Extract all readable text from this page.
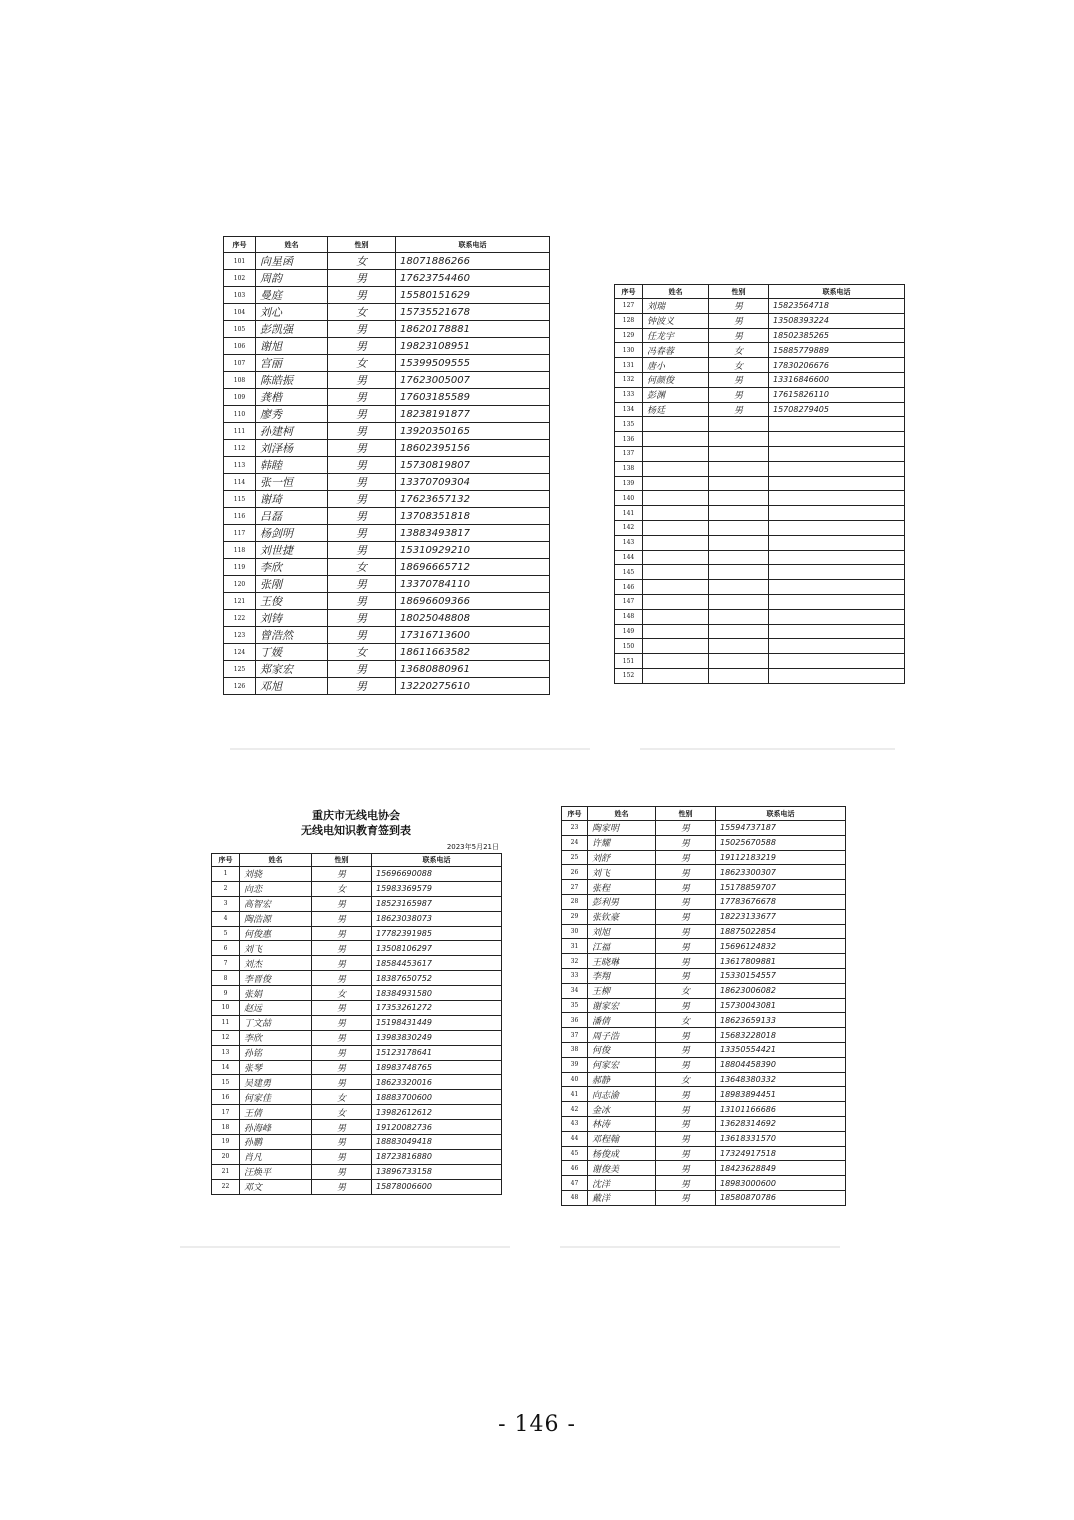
序号	姓名	性别	联系电话
101	向星函	女	18071886266
102	周韵	男	17623754460
103	曼庭	男	15580151629
104	刘心	女	15735521678
105	彭凯强	男	18620178881
106	谢旭	男	19823108951
107	宫丽	女	15399509555
108	陈皓振	男	17623005007
109	龚楷	男	17603185589
110	廖秀	男	18238191877
111	孙建柯	男	13920350165
112	刘泽杨	男	18602395156
113	韩睦	男	15730819807
114	张一恒	男	13370709304
115	谢琦	男	17623657132
116	吕磊	男	13708351818
117	杨剑明	男	13883493817
118	刘世捷	男	15310929210
119	李欣	女	18696665712
120	张刚	男	13370784110
121	王俊	男	18696609366
122	刘铸	男	18025048808
123	曾浩然	男	17316713600
124	丁媛	女	18611663582
125	郑家宏	男	13680880961
126	邓旭	男	13220275610
序号	姓名	性别	联系电话
127	刘瑞	男	15823564718
128	钟波义	男	13508393224
129	任龙宇	男	18502385265
130	冯春蓉	女	15885779889
131	唐小	女	17830206676
132	何颜俊	男	13316846600
133	彭渊	男	17615826110
134	杨廷	男	15708279405
135			
136			
137			
138			
139			
140			
141			
142			
143			
144			
145			
146			
147			
148			
149			
150			
151			
152			
重庆市无线电协会
无线电知识教育签到表
2023年5月21日
序号	姓名	性别	联系电话
1	刘骁	男	15696690088
2	向恋	女	15983369579
3	高智宏	男	18523165987
4	陶浩源	男	18623038073
5	何俊惠	男	17782391985
6	刘飞	男	13508106297
7	刘杰	男	18584453617
8	李晋俊	男	18387650752
9	张娟	女	18384931580
10	赵远	男	17353261272
11	丁文喆	男	15198431449
12	李欣	男	13983830249
13	孙铭	男	15123178641
14	张琴	男	18983748765
15	吴建勇	男	18623320016
16	何家佳	女	18883700600
17	王倩	女	13982612612
18	孙海峰	男	19120082736
19	孙鹏	男	18883049418
20	肖凡	男	18723816880
21	汪焕平	男	13896733158
22	邓文	男	15878006600
序号	姓名	性别	联系电话
23	陶家明	男	15594737187
24	许耀	男	15025670588
25	刘舒	男	19112183219
26	刘飞	男	18623300307
27	张程	男	15178859707
28	彭利男	男	17783676678
29	张钦豪	男	18223133677
30	刘旭	男	18875022854
31	江福	男	15696124832
32	王晓琳	男	13617809881
33	李翔	男	15330154557
34	王柳	女	18623006082
35	谢家宏	男	15730043081
36	潘倩	女	18623659133
37	周子浩	男	15683228018
38	何俊	男	13350554421
39	何家宏	男	18804458390
40	郝静	女	13648380332
41	向志渝	男	18983894451
42	金冰	男	13101166686
43	林涛	男	13628314692
44	邓程翰	男	13618331570
45	杨俊成	男	17324917518
46	谢俊美	男	18423628849
47	沈洋	男	18983000600
48	戴洋	男	18580870786
- 146 -
